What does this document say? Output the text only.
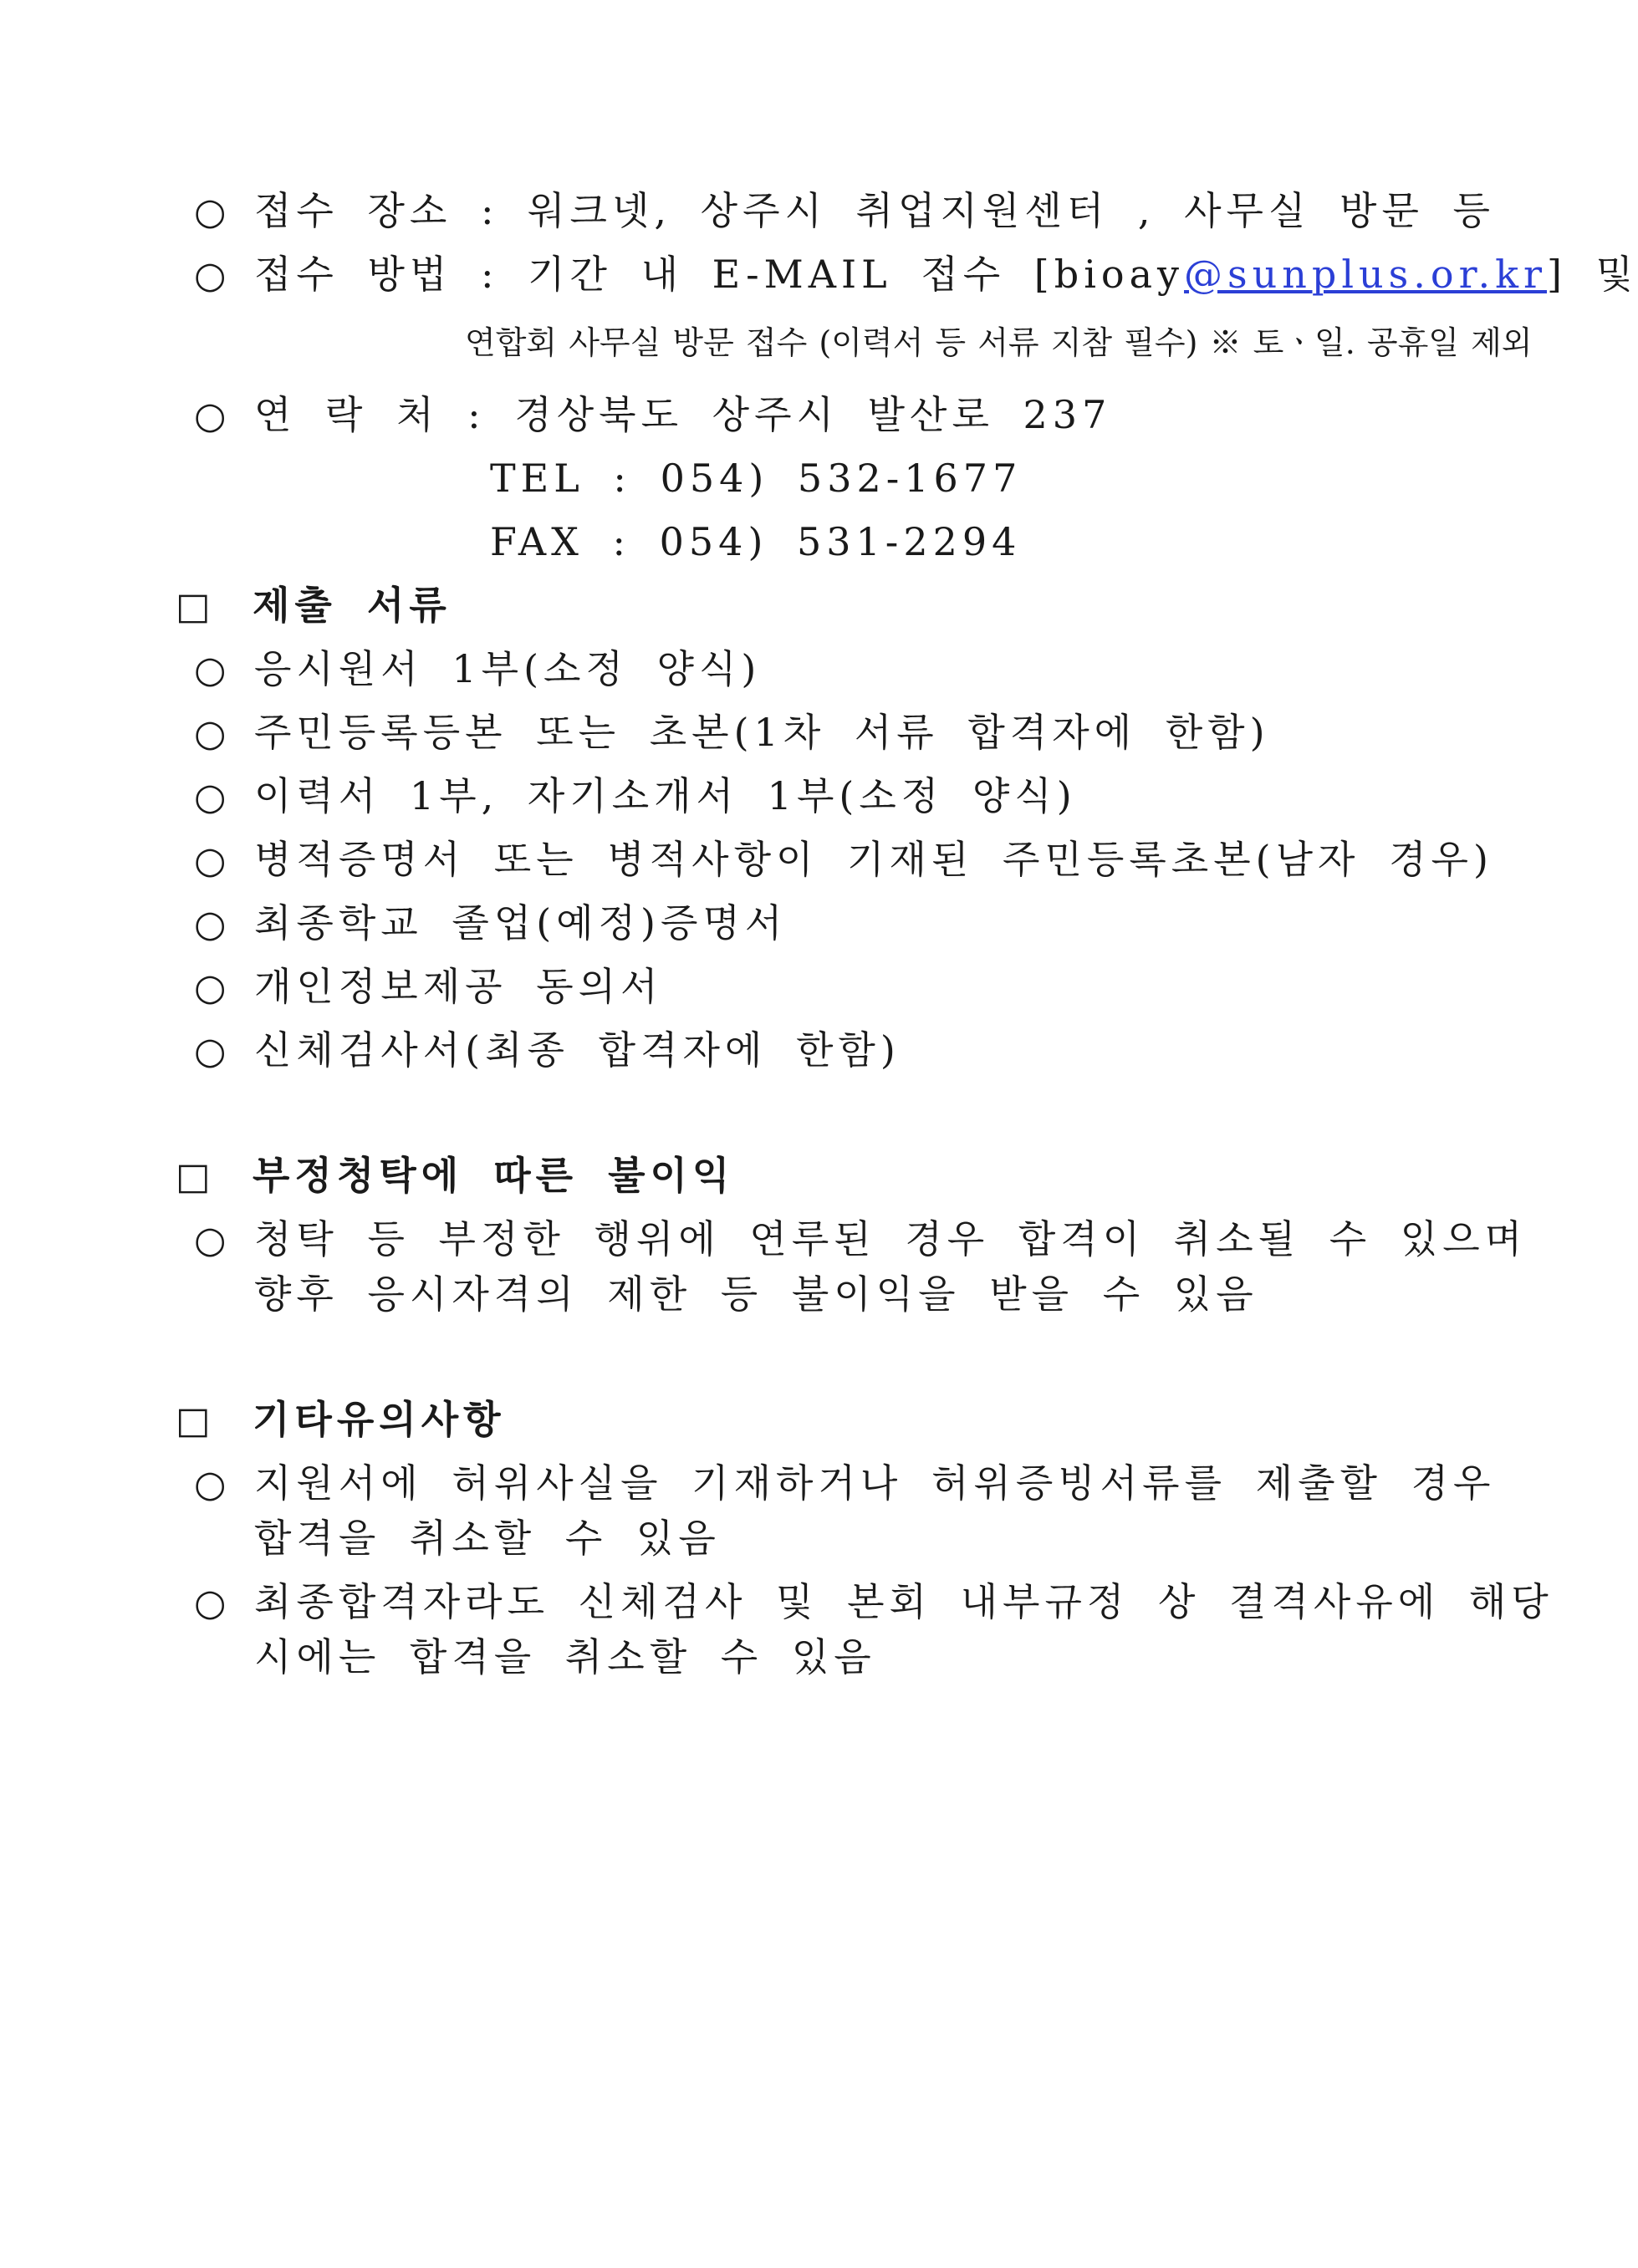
○ 접수 장소 : 워크넷, 상주시 취업지원센터 , 사무실 방문 등
○ 접수 방법 : 기간 내 E-MAIL 접수 [bioay@sunplus.or.kr] 및
연합회 사무실 방문 접수 (이력서 등 서류 지참 필수) ※ 토ㆍ일. 공휴일 제외
○ 연 락 처 : 경상북도 상주시 발산로 237
TEL : 054) 532-1677
FAX : 054) 531-2294
□ 제출 서류
○ 응시원서 1부(소정 양식)
○ 주민등록등본 또는 초본(1차 서류 합격자에 한함)
○ 이력서 1부, 자기소개서 1부(소정 양식)
○ 병적증명서 또는 병적사항이 기재된 주민등록초본(남자 경우)
○ 최종학교 졸업(예정)증명서
○ 개인정보제공 동의서
○ 신체검사서(최종 합격자에 한함)
□ 부정청탁에 따른 불이익
○ 청탁 등 부정한 행위에 연루된 경우 합격이 취소될 수 있으며
향후 응시자격의 제한 등 불이익을 받을 수 있음
□ 기타유의사항
○ 지원서에 허위사실을 기재하거나 허위증빙서류를 제출할 경우
합격을 취소할 수 있음
○ 최종합격자라도 신체검사 및 본회 내부규정 상 결격사유에 해당
시에는 합격을 취소할 수 있음
